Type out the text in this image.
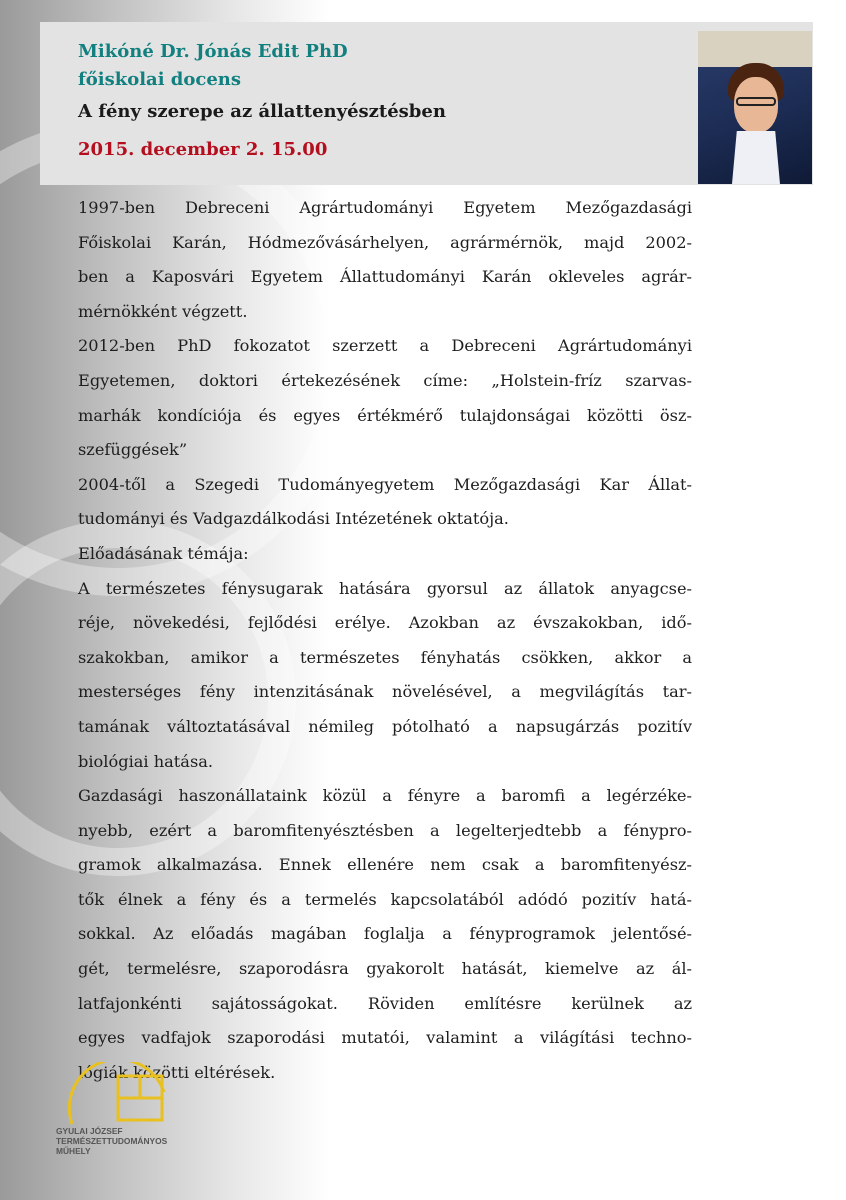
Mikóné Dr. Jónás Edit PhD
főiskolai docens
A fény szerepe az állattenyésztésben
2015. december 2. 15.00
1997-ben Debreceni Agrártudományi Egyetem Mezőgazdasági
Főiskolai Karán, Hódmezővásárhelyen, agrármérnök, majd 2002-
ben a Kaposvári Egyetem Állattudományi Karán okleveles agrár-
mérnökként végzett.
2012-ben PhD fokozatot szerzett a Debreceni Agrártudományi
Egyetemen, doktori értekezésének címe: „Holstein-fríz szarvas-
marhák kondíciója és egyes értékmérő tulajdonságai közötti ösz-
szefüggések”
2004-től a Szegedi Tudományegyetem Mezőgazdasági Kar Állat-
tudományi és Vadgazdálkodási Intézetének oktatója.
Előadásának témája:
A természetes fénysugarak hatására gyorsul az állatok anyagcse-
réje, növekedési, fejlődési erélye. Azokban az évszakokban, idő-
szakokban, amikor a természetes fényhatás csökken, akkor a
mesterséges fény intenzitásának növelésével, a megvilágítás tar-
tamának változtatásával némileg pótolható a napsugárzás pozitív
biológiai hatása.
Gazdasági haszonállataink közül a fényre a baromfi a legérzéke-
nyebb, ezért a baromfitenyésztésben a legelterjedtebb a fénypro-
gramok alkalmazása. Ennek ellenére nem csak a baromfitenyész-
tők élnek a fény és a termelés kapcsolatából adódó pozitív hatá-
sokkal. Az előadás magában foglalja a fényprogramok jelentősé-
gét, termelésre, szaporodásra gyakorolt hatását, kiemelve az ál-
latfajonkénti sajátosságokat. Röviden említésre kerülnek az
egyes vadfajok szaporodási mutatói, valamint a világítási techno-
lógiák közötti eltérések.
GYULAI JÓZSEF
TERMÉSZETTUDOMÁNYOS
MŰHELY
